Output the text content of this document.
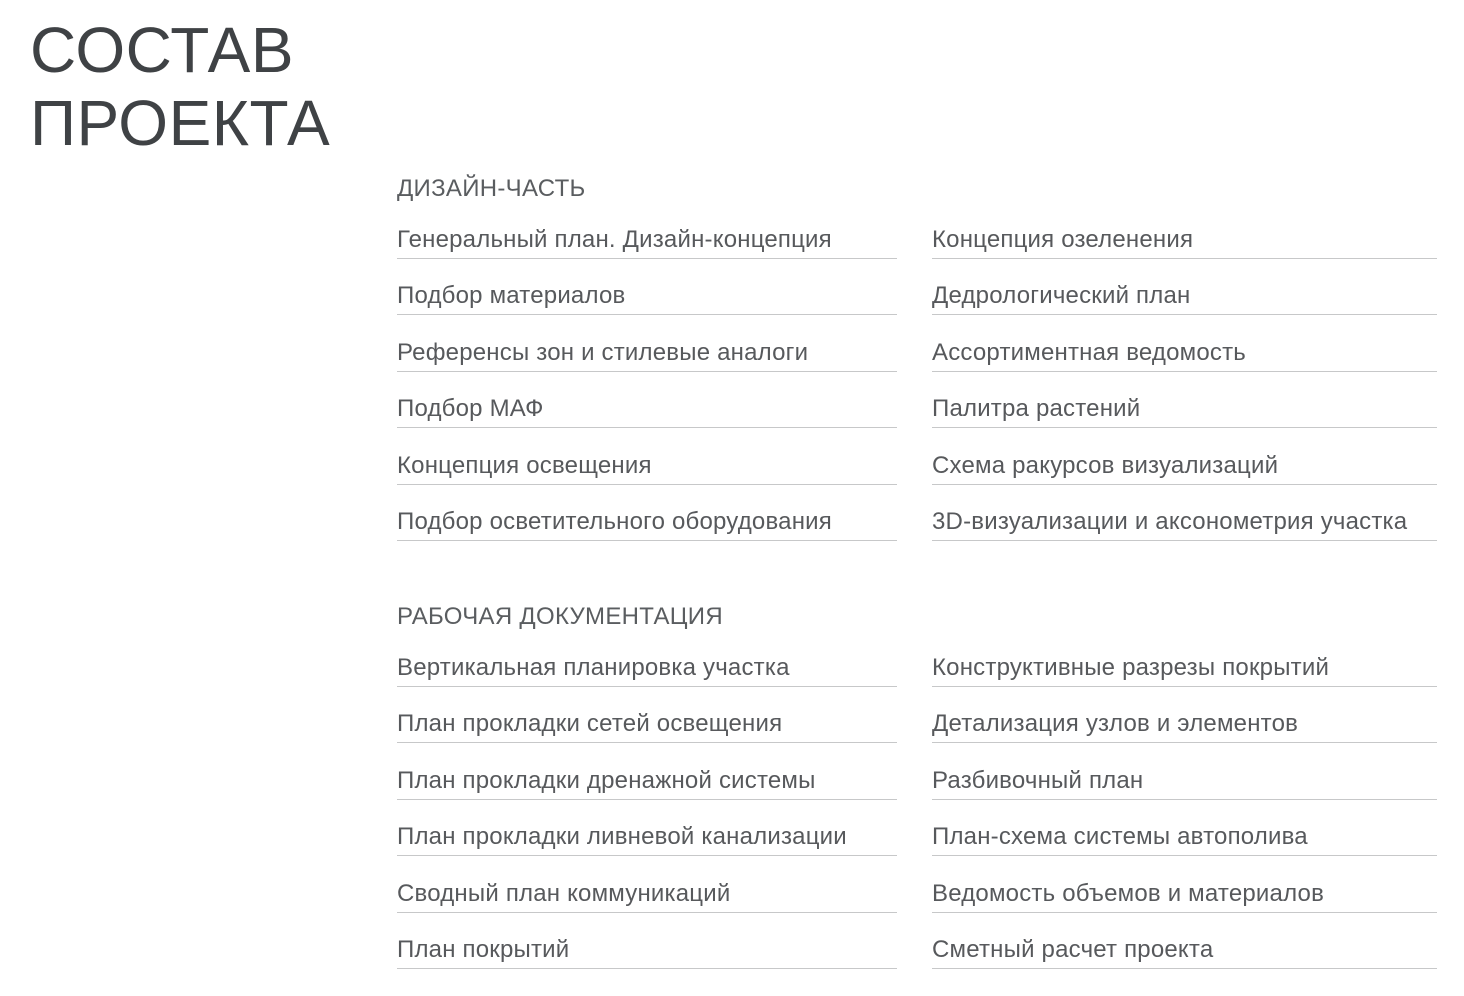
СОСТАВ
ПРОЕКТА
ДИЗАЙН-ЧАСТЬ
Генеральный план. Дизайн-концепция
Подбор материалов
Референсы зон и стилевые аналоги
Подбор МАФ
Концепция освещения
Подбор осветительного оборудования
Концепция озеленения
Дедрологический план
Ассортиментная ведомость
Палитра растений
Схема ракурсов визуализаций
3D-визуализации и аксонометрия участка
РАБОЧАЯ ДОКУМЕНТАЦИЯ
Вертикальная планировка участка
План прокладки сетей освещения
План прокладки дренажной системы
План прокладки ливневой канализации
Сводный план коммуникаций
План покрытий
Конструктивные разрезы покрытий
Детализация узлов и элементов
Разбивочный план
План-схема системы автополива
Ведомость объемов и материалов
Сметный расчет проекта
